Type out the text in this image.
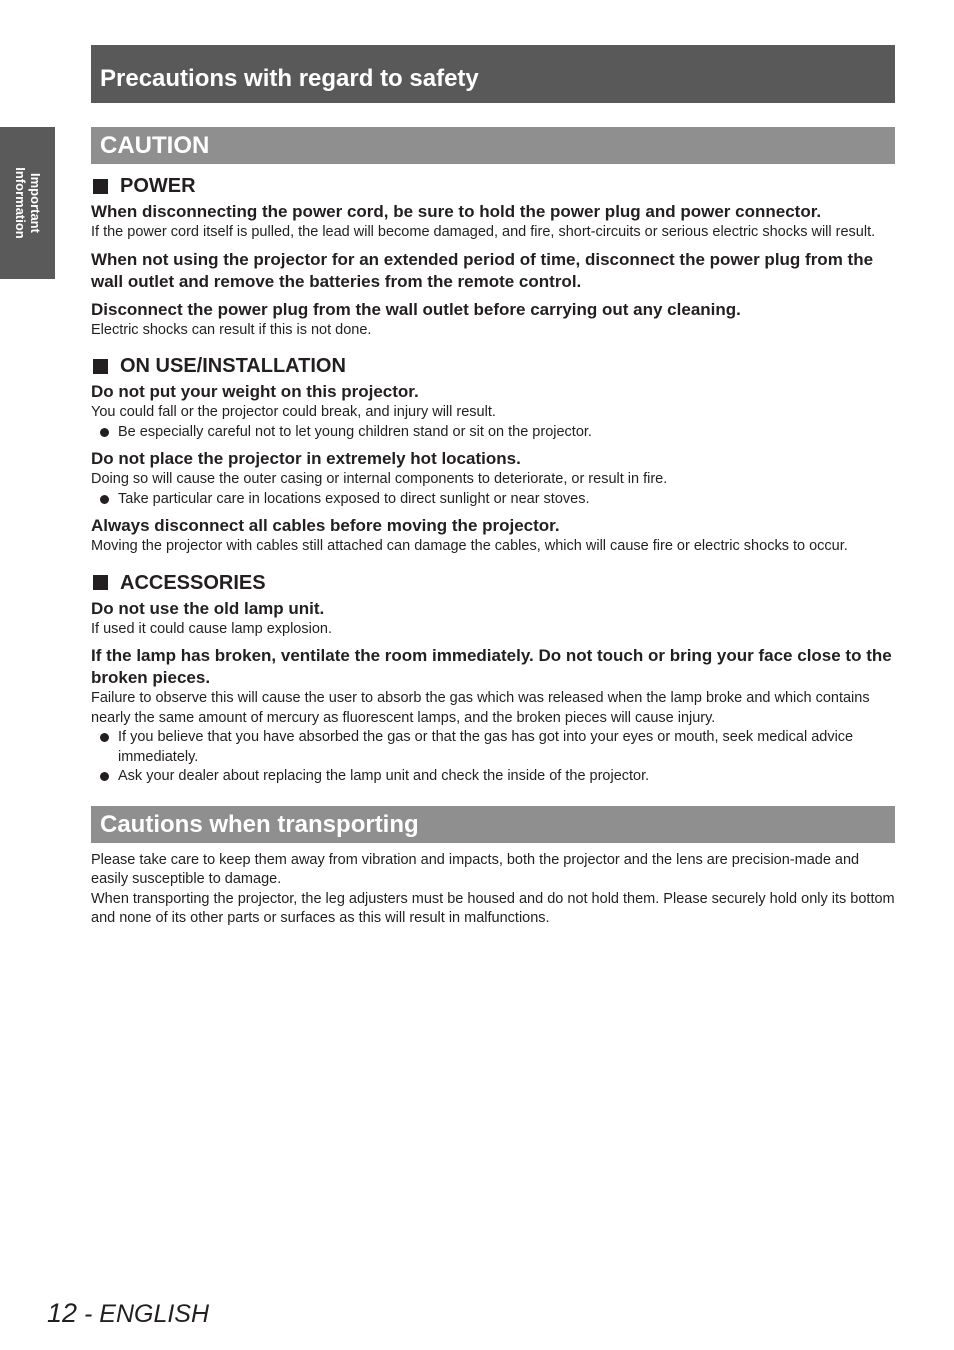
Important
Information
Precautions with regard to safety
CAUTION
POWER

When disconnecting the power cord, be sure to hold the power plug and power connector.

If the power cord itself is pulled, the lead will become damaged, and fire, short-circuits or serious electric shocks will result.

When not using the projector for an extended period of time, disconnect the power plug from the wall outlet and remove the batteries from the remote control.

Disconnect the power plug from the wall outlet before carrying out any cleaning.

Electric shocks can result if this is not done.

ON USE/INSTALLATION

Do not put your weight on this projector.

You could fall or the projector could break, and injury will result.

Be especially careful not to let young children stand or sit on the projector.

Do not place the projector in extremely hot locations.

Doing so will cause the outer casing or internal components to deteriorate, or result in fire.

Take particular care in locations exposed to direct sunlight or near stoves.

Always disconnect all cables before moving the projector.

Moving the projector with cables still attached can damage the cables, which will cause fire or electric shocks to occur.

ACCESSORIES

Do not use the old lamp unit.

If used it could cause lamp explosion.

If the lamp has broken, ventilate the room immediately. Do not touch or bring your face close to the broken pieces.

Failure to observe this will cause the user to absorb the gas which was released when the lamp broke and which contains nearly the same amount of mercury as fluorescent lamps, and the broken pieces will cause injury.

If you believe that you have absorbed the gas or that the gas has got into your eyes or mouth, seek medical advice immediately.
Ask your dealer about replacing the lamp unit and check the inside of the projector.
Cautions when transporting

Please take care to keep them away from vibration and impacts, both the projector and the lens are precision-made and easily susceptible to damage.

When transporting the projector, the leg adjusters must be housed and do not hold them. Please securely hold only its bottom and none of its other parts or surfaces as this will result in malfunctions.

12 - ENGLISH
